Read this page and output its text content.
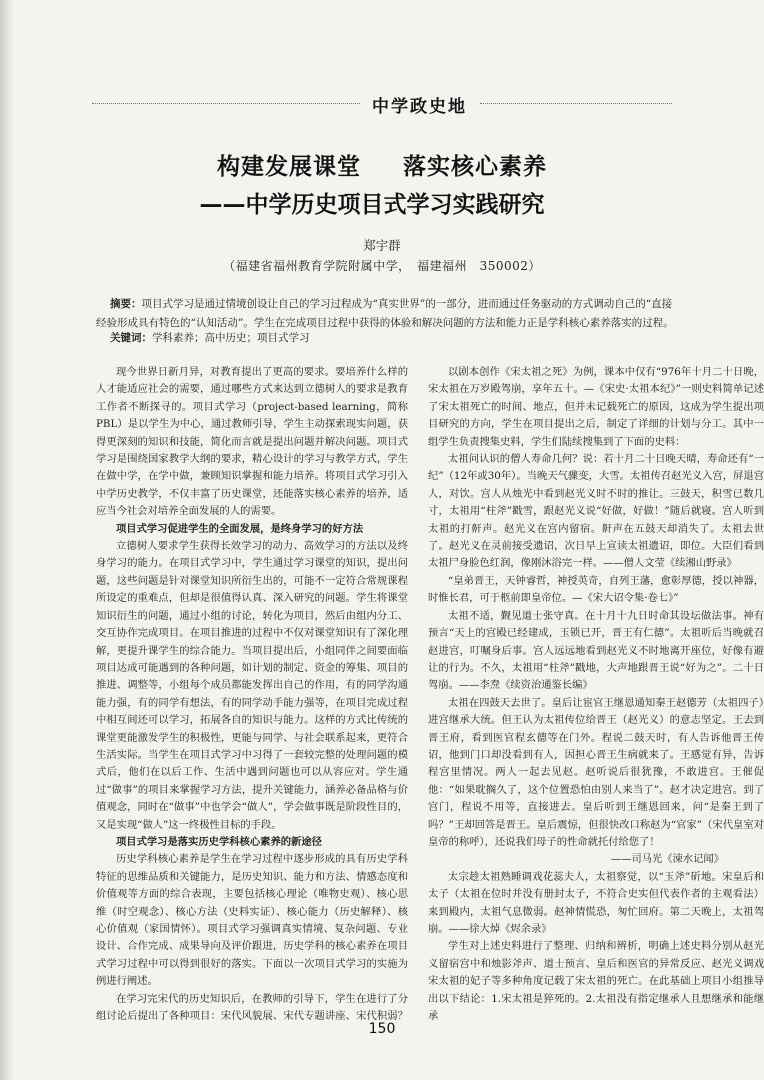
中学政史地
构建发展课堂 落实核心素养
——中学历史项目式学习实践研究
郑宇群
（福建省福州教育学院附属中学，　福建福州　350002）
摘要：项目式学习是通过情境创设让自己的学习过程成为“真实世界”的一部分，进而通过任务驱动的方式调动自己的“直接经验形成具有特色的“认知活动”。学生在完成项目过程中获得的体验和解决问题的方法和能力正是学科核心素养落实的过程。
关键词：学科素养；高中历史；项目式学习

现今世界日新月异，对教育提出了更高的要求。要培养什么样的人才能适应社会的需要，通过哪些方式来达到立德树人的要求是教育工作者不断探寻的。项目式学习（project-based learning，简称PBL）是以学生为中心，通过教师引导，学生主动探索现实问题，获得更深刻的知识和技能，简化而言就是提出问题并解决问题。项目式学习是围绕国家教学大纲的要求，精心设计的学习与教学方式，学生在做中学，在学中做，兼顾知识掌握和能力培养。将项目式学习引入中学历史教学，不仅丰富了历史课堂，还能落实核心素养的培养，适应当今社会对培养全面发展的人的需要。

项目式学习促进学生的全面发展，是终身学习的好方法

立德树人要求学生获得长效学习的动力、高效学习的方法以及终身学习的能力。在项目式学习中，学生通过学习课堂的知识，提出问题，这些问题是针对课堂知识所衍生出的，可能不一定符合常规课程所设定的重难点，但却是很值得认真、深入研究的问题。学生将课堂知识衍生的问题，通过小组的讨论，转化为项目，然后由组内分工、交互协作完成项目。在项目推进的过程中不仅对课堂知识有了深化理解，更提升课学生的综合能力。当项目提出后，小组同伴之间要面临项目达成可能遇到的各种问题，如计划的制定、资金的筹集、项目的推进、调整等，小组每个成员都能发挥出自己的作用，有的同学沟通能力强，有的同学有想法，有的同学动手能力强等，在项目完成过程中相互间还可以学习，拓展各自的知识与能力。这样的方式比传统的课堂更能激发学生的积极性，更能与同学、与社会联系起来，更符合生活实际。当学生在项目式学习中习得了一套较完整的处理问题的模式后，他们在以后工作、生活中遇到问题也可以从容应对。学生通过“做事”的项目来掌握学习方法，提升关键能力，涵养必备品格与价值观念，同时在“做事”中也学会“做人”，学会做事既是阶段性目的，又是实现“做人”这一终极性目标的手段。

项目式学习是落实历史学科核心素养的新途径

历史学科核心素养是学生在学习过程中逐步形成的具有历史学科特征的思维品质和关键能力，是历史知识、能力和方法、情感态度和价值观等方面的综合表现，主要包括核心理论（唯物史观）、核心思维（时空观念）、核心方法（史料实证）、核心能力（历史解释）、核心价值观（家国情怀）。项目式学习强调真实情境、复杂问题、专业设计、合作完成、成果导向及评价跟进，历史学科的核心素养在项目式学习过程中可以得到很好的落实。下面以一次项目式学习的实施为例进行阐述。

在学习完宋代的历史知识后，在教师的引导下，学生在进行了分组讨论后提出了各种项目：宋代风貌展、宋代专题讲座、宋代积弱？

以剧本创作《宋太祖之死》为例，课本中仅有“976年十月二十日晚，宋太祖在万岁殿驾崩，享年五十。—《宋史·太祖本纪》”一则史料简单记述了宋太祖死亡的时间、地点，但并未记载死亡的原因，这成为学生提出项目研究的方向，学生在项目提出之后，制定了详细的计划与分工。其中一组学生负责搜集史料，学生们陆续搜集到了下面的史料：

太祖问认识的僧人寿命几何？说：若十月二十日晚天晴，寿命还有“一纪”（12年或30年）。当晚天气骤变，大雪。太祖传召赵光义入宫，屏退宫人，对饮。宫人从烛光中看到赵光义时不时的推让。三鼓天，积雪已数几寸，太祖用“柱斧”戳雪，跟赵光义说“好做，好做！”随后就寝。宫人听到太祖的打鼾声。赵光义在宫内留宿。鼾声在五鼓天却消失了。太祖去世了。赵光义在灵前接受遗诏，次日早上宣读太祖遗诏，即位。大臣们看到太祖尸身脸色红润，像刚沐浴完一样。——僧人文莹《续湘山野录》

“皇弟晋王，天钟睿哲，神授英奇，自列王藩，愈彰厚德，授以神器，时惟长君，可于柩前即皇帝位。—《宋大诏令集·卷七》”

太祖不适，觐见道士张守真。在十月十九日时命其设坛做法事。神有预言“天上的宫殿已经建成，玉锁已开，晋王有仁德”。太祖听后当晚就召赵进宫，叮嘱身后事。宫人远远地看到赵光义不时地离开座位，好像有避让的行为。不久，太祖用“柱斧”戳地，大声地跟晋王说“好为之”。二十日驾崩。——李焘《续资治通鉴长编》

太祖在四鼓天去世了。皇后让宦官王继恩通知秦王赵德芳（太祖四子）进宫继承大统。但王认为太祖传位给晋王（赵光义）的意志坚定。王去到晋王府，看到医官程玄德等在门外。程说二鼓天时，有人告诉他晋王传诏，他到门口却没看到有人，因担心晋王生病就来了。王感觉有异，告诉程宫里情况。两人一起去见赵。赵听说后很犹豫，不敢进宫。王催促他：“如果耽搁久了，这个位置恐怕由别人来当了”。赵才决定进宫。到了宫门，程说不用等，直接进去。皇后听到王继恩回来，问“是秦王到了吗？”王却回答是晋王。皇后震惊，但很快改口称赵为“官家”（宋代皇室对皇帝的称呼），还说我们母子的性命就托付给您了！

——司马光《涑水记闻》

太宗趁太祖熟睡调戏花蕊夫人，太祖察觉，以“玉斧”斫地。宋皇后和太子（太祖在位时并没有册封太子，不符合史实但代表作者的主观看法）来到殿内，太祖气息微弱。赵神情慌恐，匆忙回府。第二天晚上，太祖驾崩。——徐大焯《烬余录》

学生对上述史料进行了整理、归纳和辨析，明确上述史料分别从赵光义留宿宫中和烛影斧声、道士预言、皇后和医官的异常反应、赵光义调戏宋太祖的妃子等多种角度记载了宋太祖的死亡。在此基础上项目小组推导出以下结论：1.宋太祖是猝死的。2.太祖没有指定继承人且想继承和能继承

150
